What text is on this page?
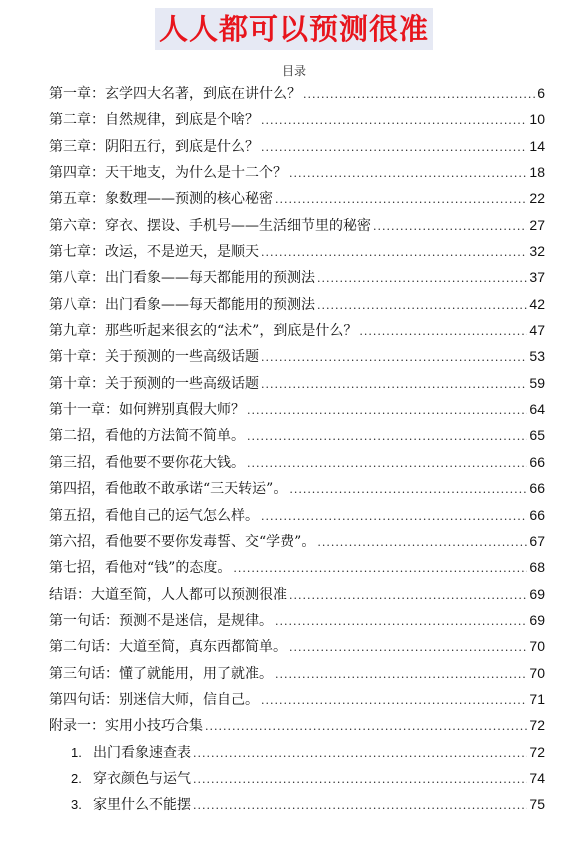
人人都可以预测很准
目录
第一章：玄学四大名著，到底在讲什么？ .....	6
第二章：自然规律，到底是个啥？ .....	10
第三章：阴阳五行，到底是什么？ .....	14
第四章：天干地支，为什么是十二个？ .....	18
第五章：象数理——预测的核心秘密 .....	22
第六章：穿衣、摆设、手机号——生活细节里的秘密 .....	27
第七章：改运，不是逆天，是顺天 .....	32
第八章：出门看象——每天都能用的预测法 .....	37
第八章：出门看象——每天都能用的预测法 .....	42
第九章：那些听起来很玄的“法术”，到底是什么？ .....	47
第十章：关于预测的一些高级话题 .....	53
第十章：关于预测的一些高级话题 .....	59
第十一章：如何辨别真假大师？ .....	64
第二招，看他的方法简不简单。 .....	65
第三招，看他要不要你花大钱。 .....	66
第四招，看他敢不敢承诺“三天转运”。 .....	66
第五招，看他自己的运气怎么样。 .....	66
第六招，看他要不要你发毒誓、交“学费”。 .....	67
第七招，看他对“钱”的态度。 .....	68
结语：大道至简，人人都可以预测很准 .....	69
第一句话：预测不是迷信，是规律。 .....	69
第二句话：大道至简，真东西都简单。 .....	70
第三句话：懂了就能用，用了就准。 .....	70
第四句话：别迷信大师，信自己。 .....	71
附录一：实用小技巧合集 .....	72
1. 出门看象速查表 .....	72
2. 穿衣颜色与运气 .....	74
3. 家里什么不能摆 .....	75
